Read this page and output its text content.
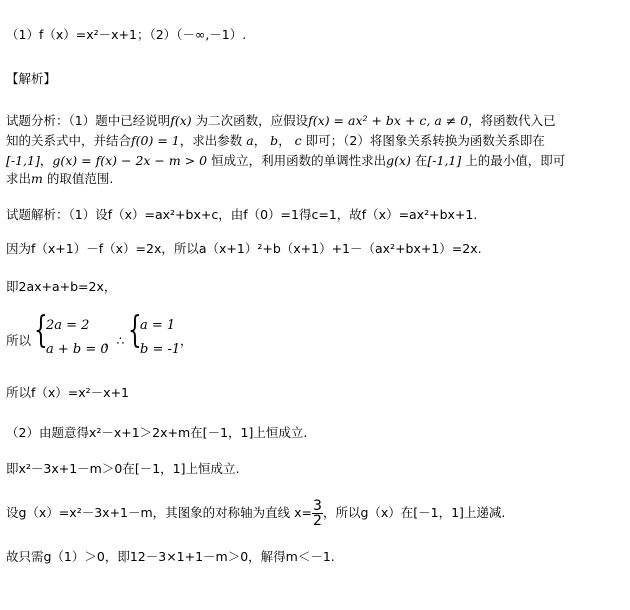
（1）f（x）=x²－x+1；（2）（－∞,－1）.
【解析】
试题分析：（1）题中已经说明f(x) 为二次函数，应假设f(x) = ax² + bx + c, a ≠ 0，将函数代入已
知的关系式中，并结合f(0) = 1，求出参数 a， b， c 即可；（2）将图象关系转换为函数关系即在
[-1,1]，g(x) = f(x) − 2x − m > 0 恒成立，利用函数的单调性求出g(x) 在[-1,1] 上的最小值，即可
求出m 的取值范围.
试题解析：（1）设f（x）=ax²+bx+c，由f（0）=1得c=1，故f（x）=ax²+bx+1.
因为f（x+1）－f（x）=2x，所以a（x+1）²+b（x+1）+1－（ax²+bx+1）=2x.
即2ax+a+b=2x，
所以 {
2a = 2
a + b = 0
，∴ {
a = 1
b = -1
，
所以f（x）=x²－x+1
（2）由题意得x²－x+1＞2x+m在[－1，1]上恒成立.
即x²－3x+1－m＞0在[－1，1]上恒成立.
设g（x）=x²－3x+1－m，其图象的对称轴为直线 $x= \frac{3}{2}$ ，所以g（x）在[－1，1]上递减.
故只需g（1）＞0，即12－3×1+1－m＞0，解得m＜－1.
